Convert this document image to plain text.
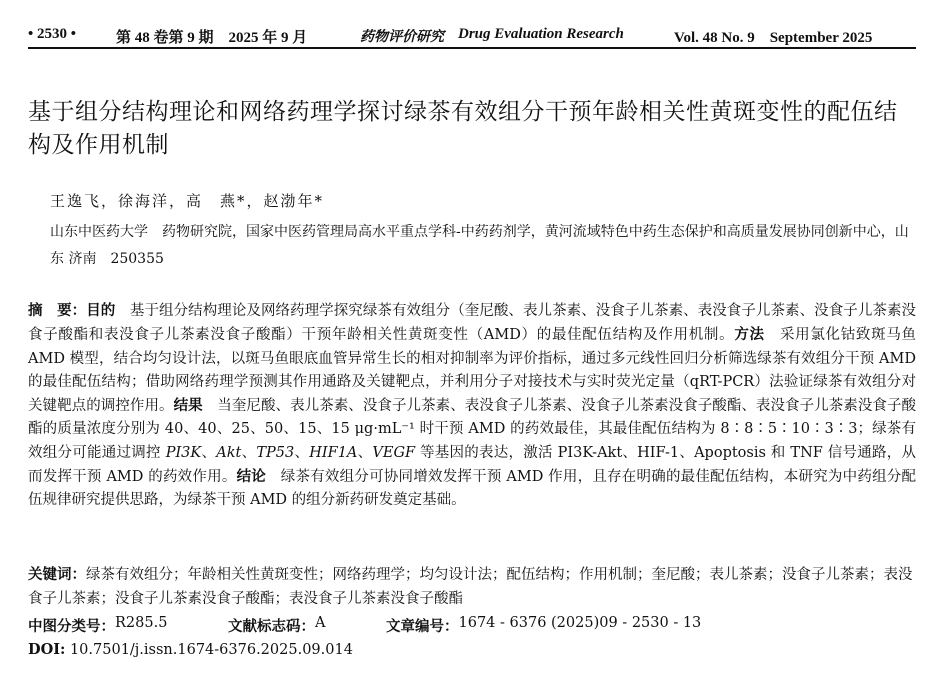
• 2530 •	第 48 卷第 9 期　2025 年 9 月	药物评价研究 Drug Evaluation Research	Vol. 48 No. 9　September 2025
基于组分结构理论和网络药理学探讨绿茶有效组分干预年龄相关性黄斑变性的配伍结构及作用机制
王逸飞，徐海洋，高　燕*，赵渤年*
山东中医药大学　药物研究院，国家中医药管理局高水平重点学科-中药药剂学，黄河流域特色中药生态保护和高质量发展协同创新中心，山东 济南　250355
摘　要：目的　 基于组分结构理论及网络药理学探究绿茶有效组分（奎尼酸、表儿茶素、没食子儿茶素、表没食子儿茶素、没食子儿茶素没食子酸酯和表没食子儿茶素没食子酸酯）干预年龄相关性黄斑变性（AMD）的最佳配伍结构及作用机制。方法　 采用氯化钴致斑马鱼 AMD 模型，结合均匀设计法，以斑马鱼眼底血管异常生长的相对抑制率为评价指标，通过多元线性回归分析筛选绿茶有效组分干预 AMD 的最佳配伍结构；借助网络药理学预测其作用通路及关键靶点，并利用分子对接技术与实时荧光定量（qRT-PCR）法验证绿茶有效组分对关键靶点的调控作用。结果　 当奎尼酸、表儿茶素、没食子儿茶素、表没食子儿茶素、没食子儿茶素没食子酸酯、表没食子儿茶素没食子酸酯的质量浓度分别为 40、40、25、50、15、15 μg·mL⁻¹ 时干预 AMD 的药效最佳，其最佳配伍结构为 8∶8∶5∶10∶3∶3；绿茶有效组分可能通过调控 PI3K、Akt、TP53、HIF1A、VEGF 等基因的表达，激活 PI3K-Akt、HIF-1、Apoptosis 和 TNF 信号通路，从而发挥干预 AMD 的药效作用。结论　 绿茶有效组分可协同增效发挥干预 AMD 作用，且存在明确的最佳配伍结构，本研究为中药组分配伍规律研究提供思路，为绿茶干预 AMD 的组分新药研发奠定基础。
关键词：绿茶有效组分；年龄相关性黄斑变性；网络药理学；均匀设计法；配伍结构；作用机制；奎尼酸；表儿茶素；没食子儿茶素；表没食子儿茶素；没食子儿茶素没食子酸酯；表没食子儿茶素没食子酸酯
中图分类号： R285.5	文献标志码： A	文章编号： 1674 - 6376 (2025)09 - 2530 - 13
DOI: 10.7501/j.issn.1674-6376.2025.09.014
